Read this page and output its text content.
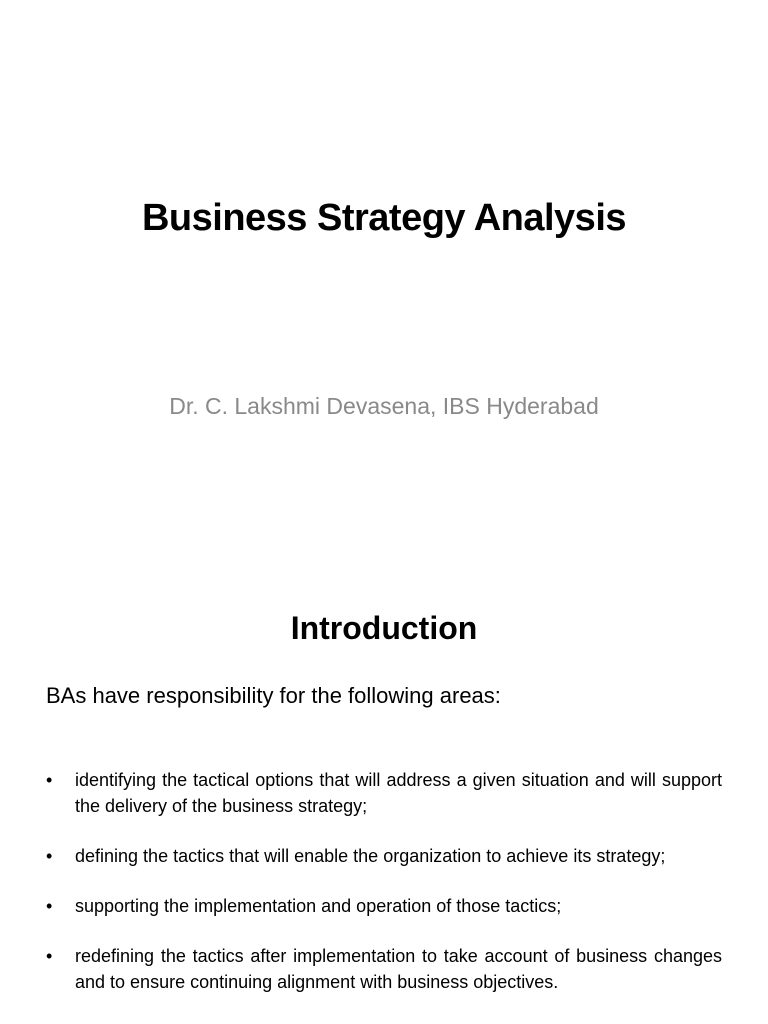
Business Strategy Analysis
Dr. C. Lakshmi Devasena, IBS Hyderabad
Introduction
BAs have responsibility for the following areas:
•	identifying the tactical options that will address a given situation and will support the delivery of the business strategy;
•	defining the tactics that will enable the organization to achieve its strategy;
•	supporting the implementation and operation of those tactics;
•	redefining the tactics after implementation to take account of business changes and to ensure continuing alignment with business objectives.
